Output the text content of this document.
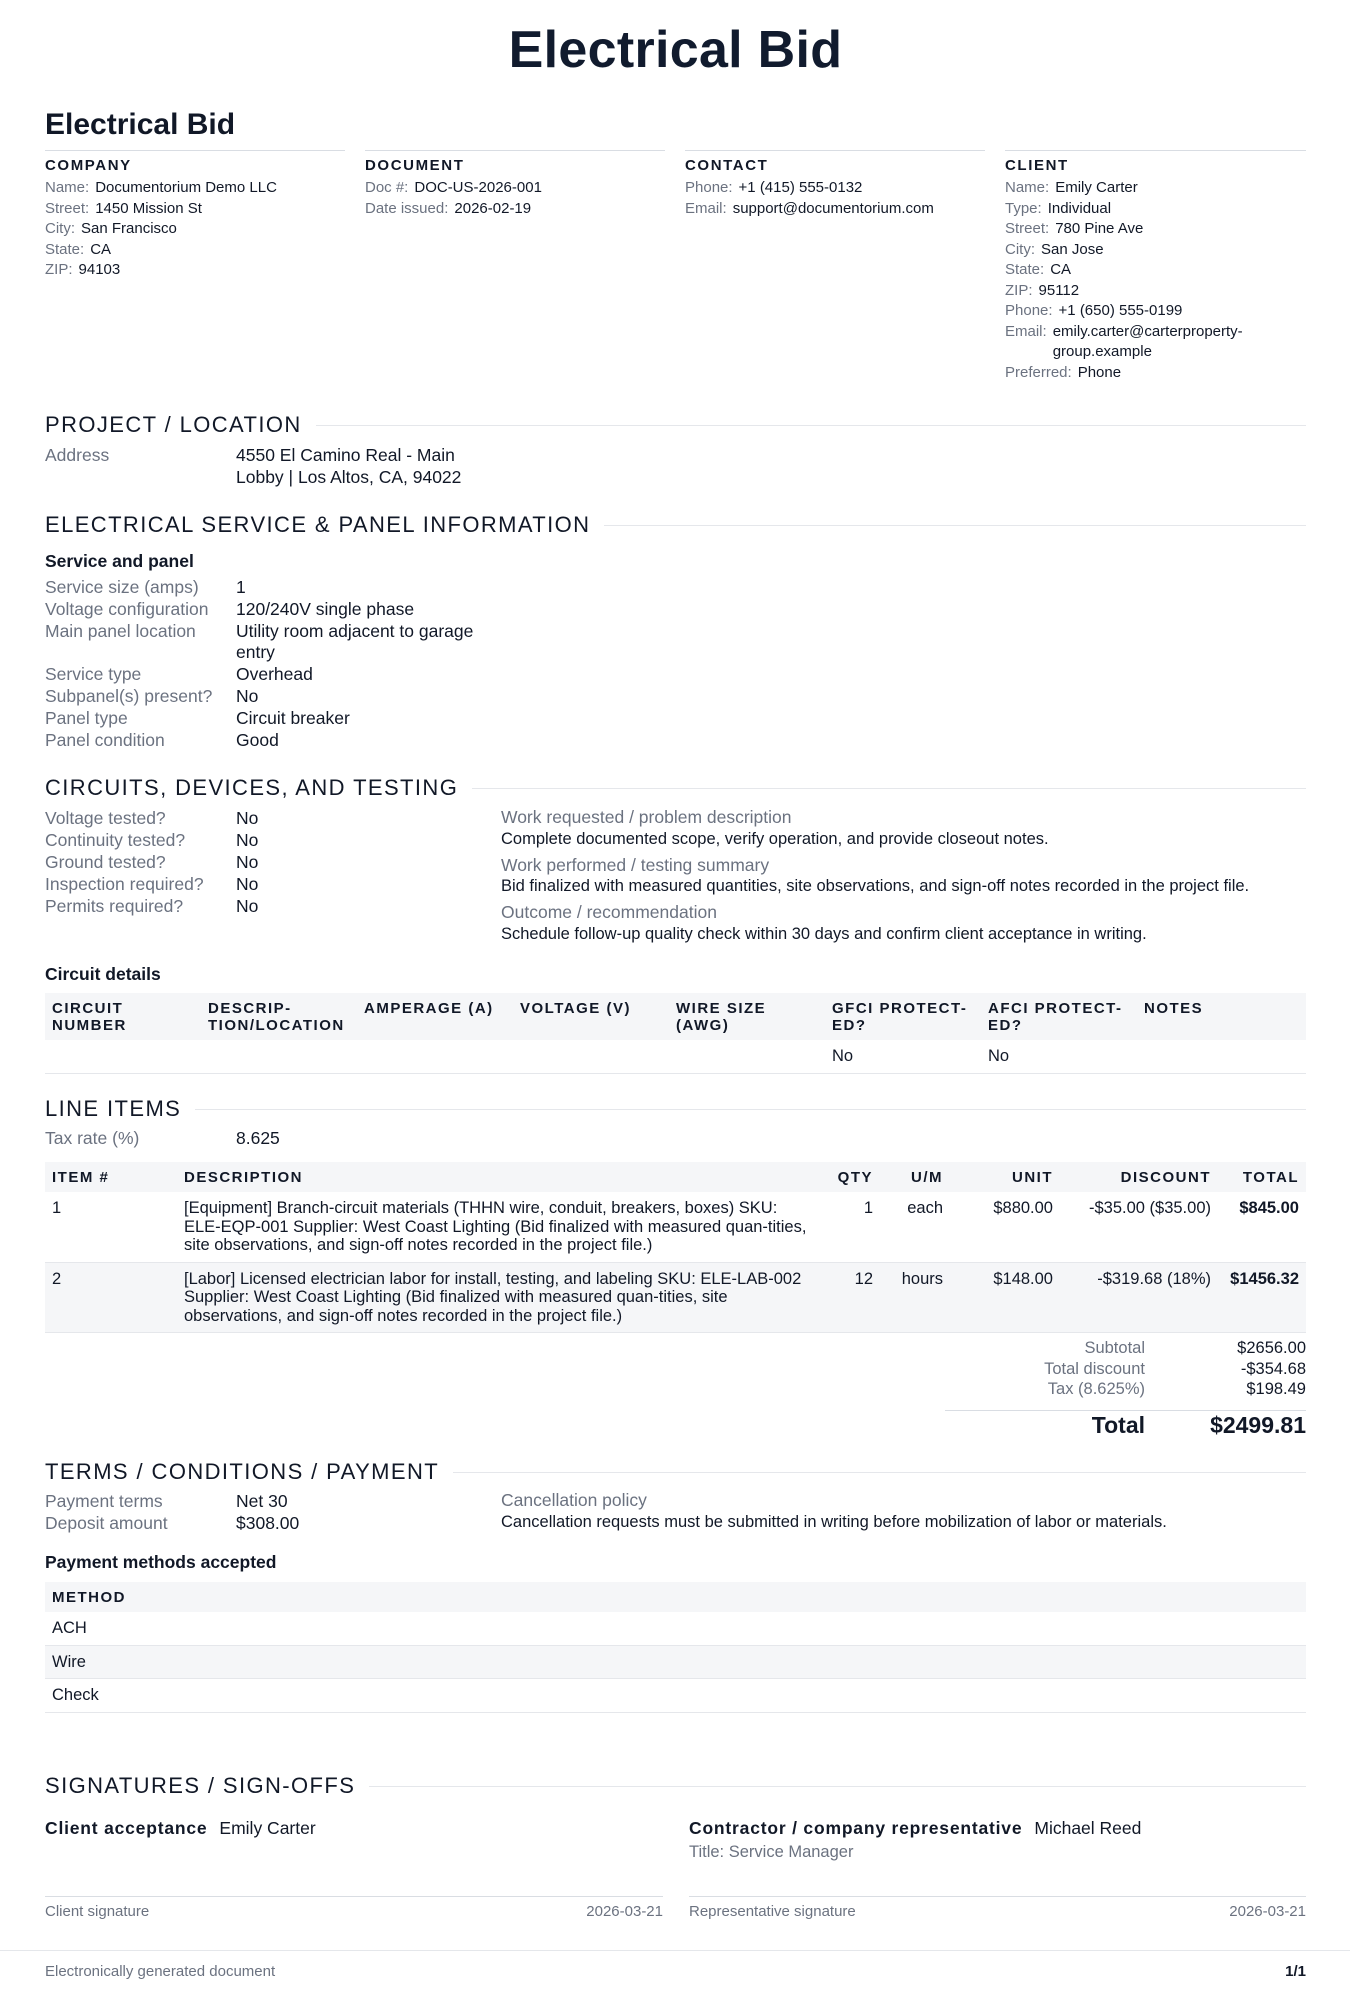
Electrical Bid
Electrical Bid
COMPANY
Name: Documentorium Demo LLC
Street: 1450 Mission St
City: San Francisco
State: CA
ZIP: 94103
DOCUMENT
Doc #: DOC-US-2026-001
Date issued: 2026-02-19
CONTACT
Phone: +1 (415) 555-0132
Email: support@documentorium.com
CLIENT
Name: Emily Carter
Type: Individual
Street: 780 Pine Ave
City: San Jose
State: CA
ZIP: 95112
Phone: +1 (650) 555-0199
Email: emily.carter@carterproperty-group.example
Preferred: Phone
PROJECT / LOCATION
Address	4550 El Camino Real - Main
Lobby | Los Altos, CA, 94022
ELECTRICAL SERVICE & PANEL INFORMATION
Service and panel
Service size (amps) 1
Voltage configuration 120/240V single phase
Main panel location Utility room adjacent to garage
entry
Service type	Overhead
Subpanel(s) present? No
Panel type	Circuit breaker
Panel condition	Good
CIRCUITS, DEVICES, AND TESTING
Voltage tested?	No
Continuity tested?	No
Ground tested?	No
Inspection required? No
Permits required?	No
Work requested / problem description
Complete documented scope, verify operation, and provide closeout notes.
Work performed / testing summary
Bid finalized with measured quantities, site observations, and sign-off notes recorded in the project file.
Outcome / recommendation
Schedule follow-up quality check within 30 days and confirm client acceptance in writing.
Circuit details
CIRCUIT NUMBER	DESCRIP-TION/LOCATION	AMPERAGE (A)	VOLTAGE (V)	WIRE SIZE (AWG)	GFCI PROTECT-ED?	AFCI PROTECT-ED?	NOTES
					No	No	
LINE ITEMS
Tax rate (%)	8.625
ITEM #	DESCRIPTION	QTY	U/M	UNIT	DISCOUNT	TOTAL
1	[Equipment] Branch-circuit materials (THHN wire, conduit, breakers, boxes) SKU: ELE-EQP-001 Supplier: West Coast Lighting (Bid finalized with measured quan-tities, site observations, and sign-off notes recorded in the project file.)	1	each	$880.00	-$35.00 ($35.00)	$845.00
2	[Labor] Licensed electrician labor for install, testing, and labeling SKU: ELE-LAB-002 Supplier: West Coast Lighting (Bid finalized with measured quan-tities, site observations, and sign-off notes recorded in the project file.)	12	hours	$148.00	-$319.68 (18%)	$1456.32
Subtotal	$2656.00
Total discount	-$354.68
Tax (8.625%)	$198.49
Total	$2499.81
TERMS / CONDITIONS / PAYMENT
Payment terms	Net 30
Deposit amount	$308.00
Cancellation policy
Cancellation requests must be submitted in writing before mobilization of labor or materials.
Payment methods accepted
METHOD
ACH
Wire
Check
SIGNATURES / SIGN-OFFS
Client acceptance Emily Carter	Contractor / company representative Michael Reed
Title: Service Manager
Client signature	2026-03-21 Representative signature	2026-03-21
Electronically generated document	1/1
